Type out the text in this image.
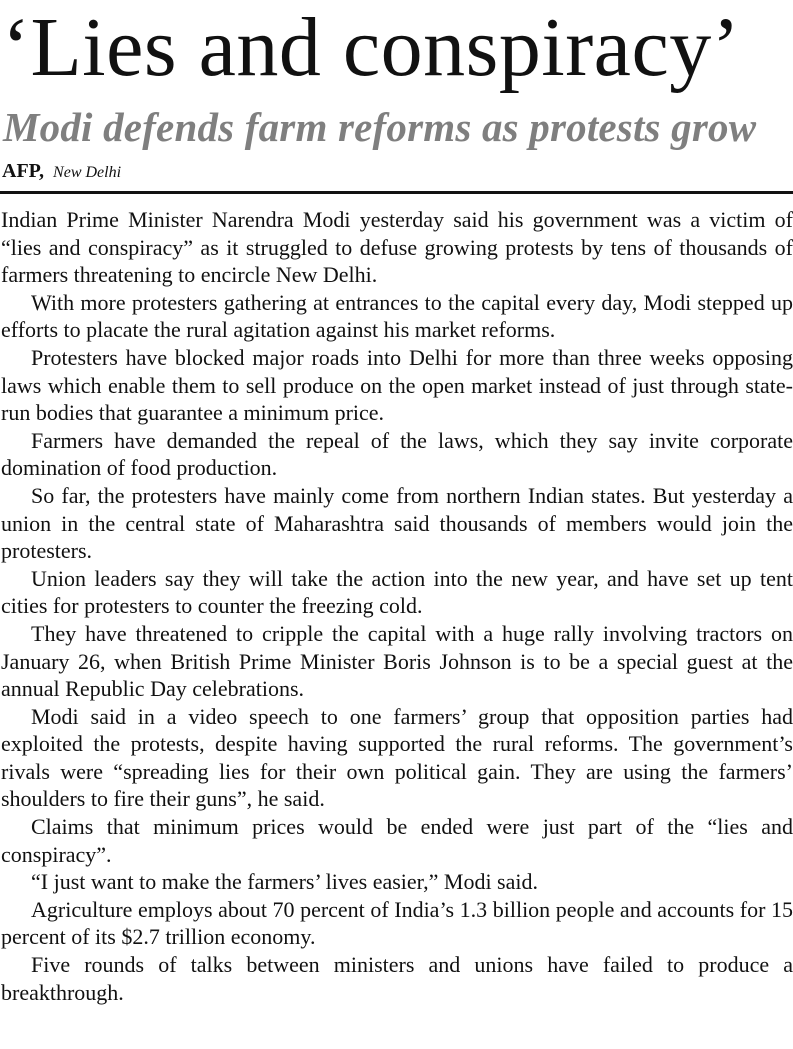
‘Lies and conspiracy’
Modi defends farm reforms as protests grow
AFP, New Delhi

Indian Prime Minister Narendra Modi yesterday said his government was a victim of “lies and conspiracy” as it struggled to defuse growing protests by tens of thousands of farmers threatening to encircle New Delhi.

With more protesters gathering at entrances to the capital every day, Modi stepped up efforts to placate the rural agitation against his market reforms.

Protesters have blocked major roads into Delhi for more than three weeks opposing laws which enable them to sell produce on the open market instead of just through state-run bodies that guarantee a minimum price.

Farmers have demanded the repeal of the laws, which they say invite corporate domination of food production.

So far, the protesters have mainly come from northern Indian states. But yesterday a union in the central state of Maharashtra said thousands of members would join the protesters.

Union leaders say they will take the action into the new year, and have set up tent cities for protesters to counter the freezing cold.

They have threatened to cripple the capital with a huge rally involving tractors on January 26, when British Prime Minister Boris Johnson is to be a special guest at the annual Republic Day celebrations.

Modi said in a video speech to one farmers’ group that opposition parties had exploited the protests, despite having supported the rural reforms. The government’s rivals were “spreading lies for their own political gain. They are using the farmers’ shoulders to fire their guns”, he said.

Claims that minimum prices would be ended were just part of the “lies and conspiracy”.

“I just want to make the farmers’ lives easier,” Modi said.

Agriculture employs about 70 percent of India’s 1.3 billion people and accounts for 15 percent of its $2.7 trillion economy.

Five rounds of talks between ministers and unions have failed to produce a breakthrough.
